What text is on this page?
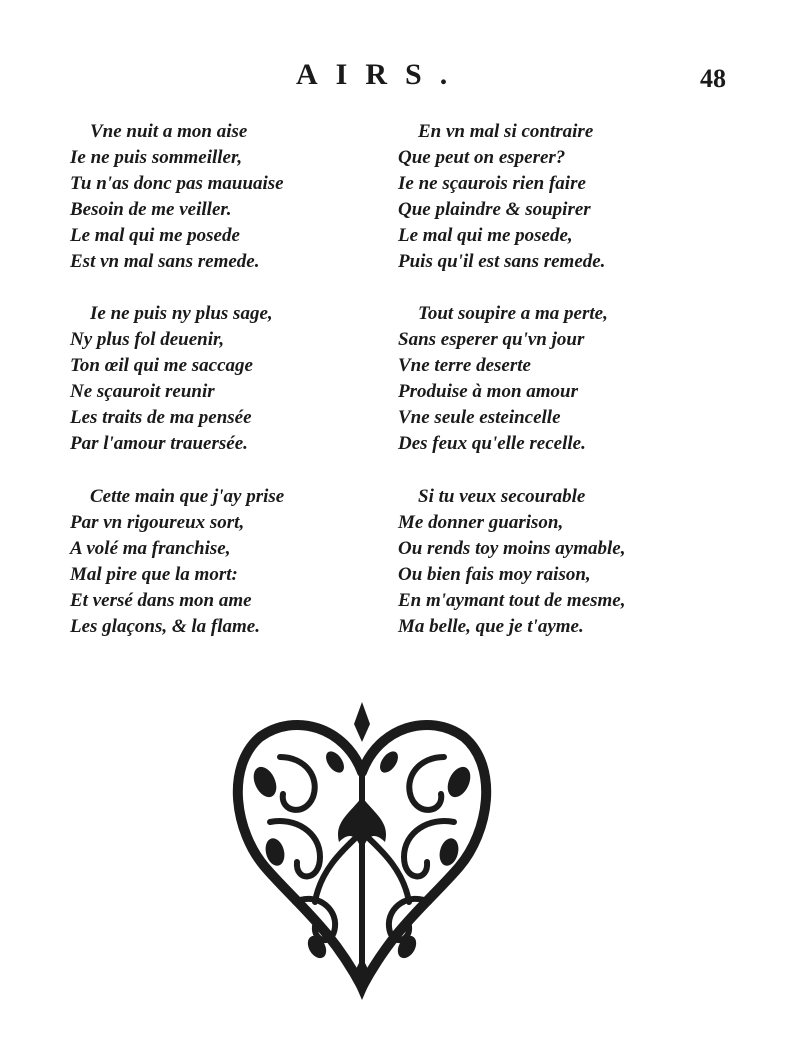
AIRS.	48
Vne nuit a mon aise
Ie ne puis sommeiller,
Tu n'as donc pas mauuaise
Besoin de me veiller.
Le mal qui me posede
Est vn mal sans remede.
Ie ne puis ny plus sage,
Ny plus fol deuenir,
Ton œil qui me saccage
Ne sçauroit reunir
Les traits de ma pensée
Par l'amour trauersée.
Cette main que j'ay prise
Par vn rigoureux sort,
A volé ma franchise,
Mal pire que la mort:
Et versé dans mon ame
Les glaçons, & la flame.
En vn mal si contraire
Que peut on esperer?
Ie ne sçaurois rien faire
Que plaindre & soupirer
Le mal qui me posede,
Puis qu'il est sans remede.
Tout soupire a ma perte,
Sans esperer qu'vn jour
Vne terre deserte
Produise à mon amour
Vne seule esteincelle
Des feux qu'elle recelle.
Si tu veux secourable
Me donner guarison,
Ou rends toy moins aymable,
Ou bien fais moy raison,
En m'aymant tout de mesme,
Ma belle, que je t'ayme.
